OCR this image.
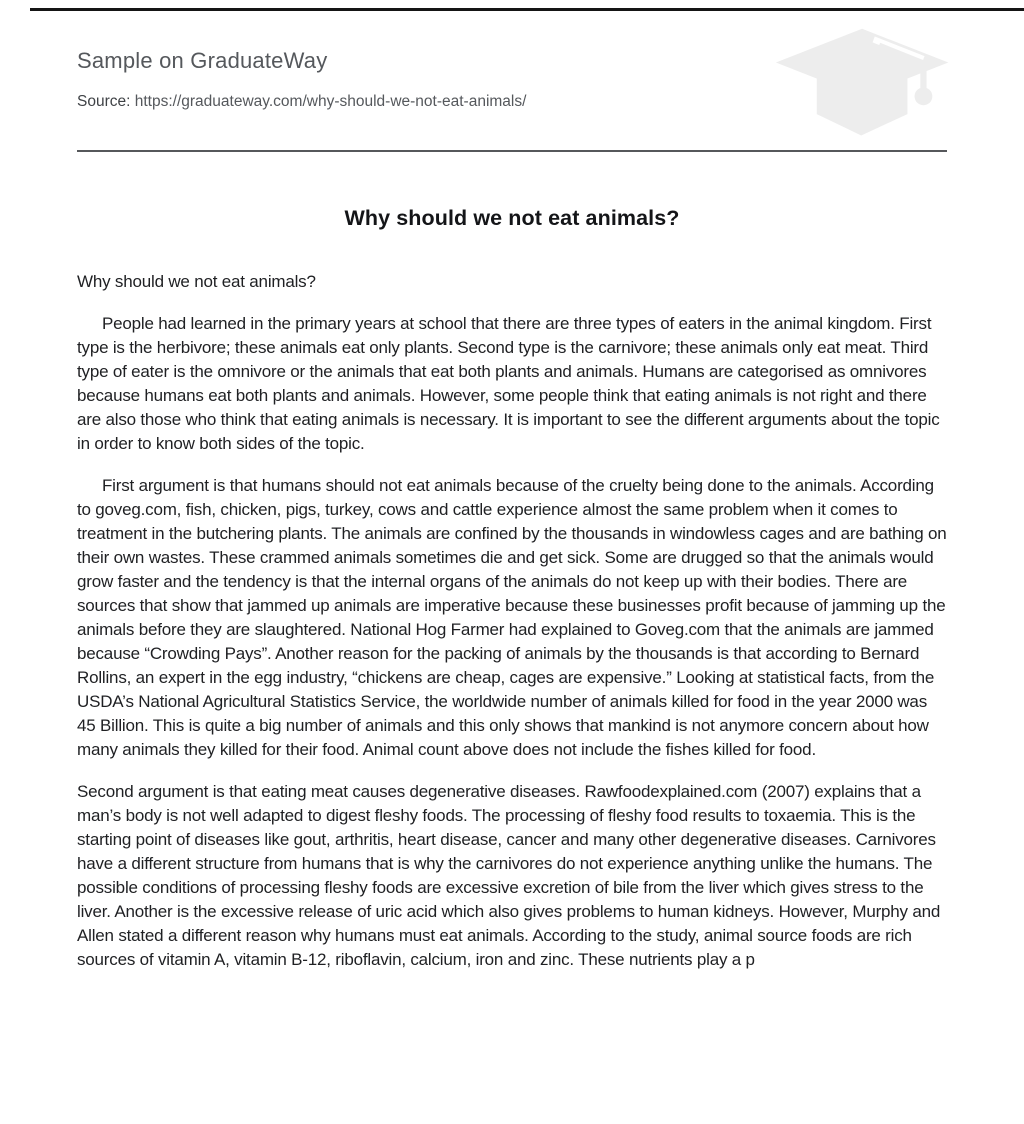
Sample on GraduateWay

Source: https://graduateway.com/why-should-we-not-eat-animals/

Why should we not eat animals?

Why should we not eat animals?

People had learned in the primary years at school that there are three types of eaters in the animal kingdom. First type is the herbivore; these animals eat only plants. Second type is the carnivore; these animals only eat meat. Third type of eater is the omnivore or the animals that eat both plants and animals. Humans are categorised as omnivores because humans eat both plants and animals. However, some people think that eating animals is not right and there are also those who think that eating animals is necessary. It is important to see the different arguments about the topic in order to know both sides of the topic.

First argument is that humans should not eat animals because of the cruelty being done to the animals. According to goveg.com, fish, chicken, pigs, turkey, cows and cattle experience almost the same problem when it comes to treatment in the butchering plants. The animals are confined by the thousands in windowless cages and are bathing on their own wastes. These crammed animals sometimes die and get sick. Some are drugged so that the animals would grow faster and the tendency is that the internal organs of the animals do not keep up with their bodies. There are sources that show that jammed up animals are imperative because these businesses profit because of jamming up the animals before they are slaughtered. National Hog Farmer had explained to Goveg.com that the animals are jammed because “Crowding Pays”. Another reason for the packing of animals by the thousands is that according to Bernard Rollins, an expert in the egg industry, “chickens are cheap, cages are expensive.” Looking at statistical facts, from the USDA’s National Agricultural Statistics Service, the worldwide number of animals killed for food in the year 2000 was 45 Billion. This is quite a big number of animals and this only shows that mankind is not anymore concern about how many animals they killed for their food. Animal count above does not include the fishes killed for food.

Second argument is that eating meat causes degenerative diseases. Rawfoodexplained.com (2007) explains that a man’s body is not well adapted to digest fleshy foods. The processing of fleshy food results to toxaemia. This is the starting point of diseases like gout, arthritis, heart disease, cancer and many other degenerative diseases. Carnivores have a different structure from humans that is why the carnivores do not experience anything unlike the humans. The possible conditions of processing fleshy foods are excessive excretion of bile from the liver which gives stress to the liver. Another is the excessive release of uric acid which also gives problems to human kidneys. However, Murphy and Allen stated a different reason why humans must eat animals. According to the study, animal source foods are rich sources of vitamin A, vitamin B-12, riboflavin, calcium, iron and zinc. These nutrients play a p
